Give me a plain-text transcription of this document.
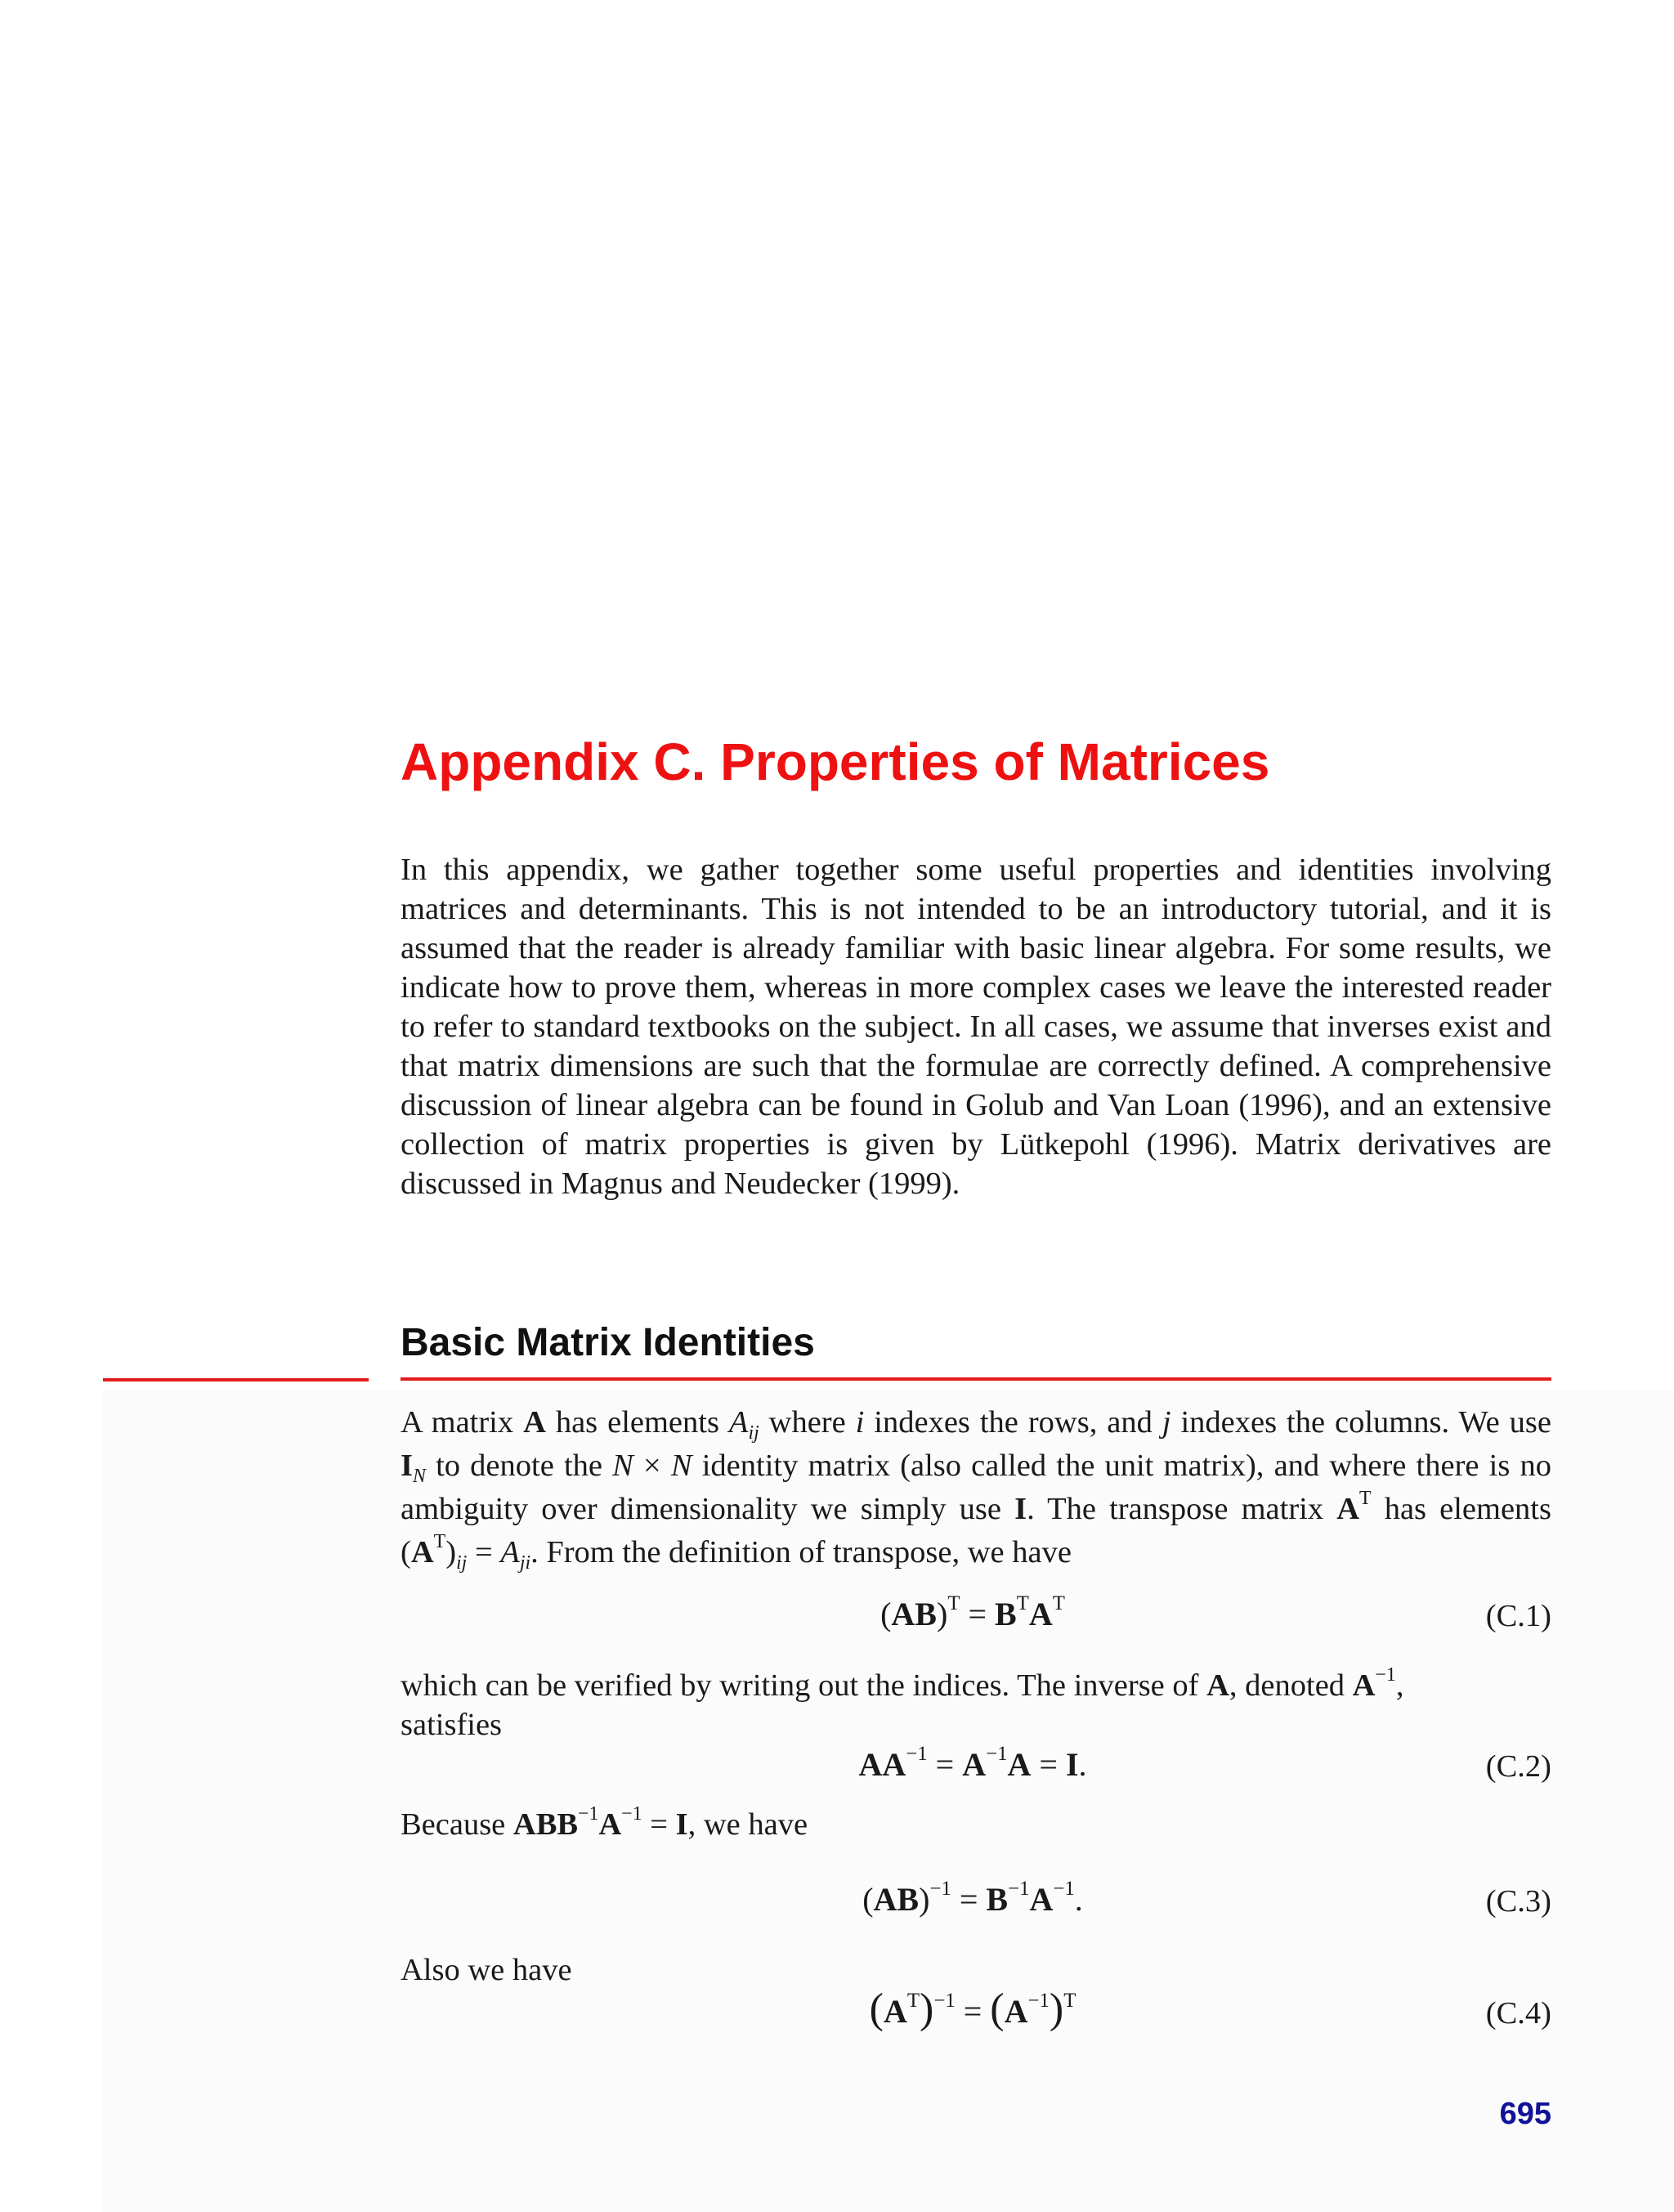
Appendix C. Properties of Matrices

In this appendix, we gather together some useful properties and identities involving matrices and determinants. This is not intended to be an introductory tutorial, and it is assumed that the reader is already familiar with basic linear algebra. For some results, we indicate how to prove them, whereas in more complex cases we leave the interested reader to refer to standard textbooks on the subject. In all cases, we assume that inverses exist and that matrix dimensions are such that the formulae are correctly defined. A comprehensive discussion of linear algebra can be found in Golub and Van Loan (1996), and an extensive collection of matrix properties is given by Lütkepohl (1996). Matrix derivatives are discussed in Magnus and Neudecker (1999).

Basic Matrix Identities

A matrix A has elements $A_{ij}$ where i indexes the rows, and j indexes the columns. We use $I_N$ to denote the N × N identity matrix (also called the unit matrix), and where there is no ambiguity over dimensionality we simply use I. The transpose matrix $A^T$ has elements $(A^T)_{ij} = A_{ji}$. From the definition of transpose, we have

$(AB)^T = B^TA^T$	(C.1)

which can be verified by writing out the indices. The inverse of A, denoted $A^{-1}$,

satisfies

$AA^{-1} = A^{-1}A = I$.	(C.2)

Because $ABB^{-1}A^{-1} = I$, we have

$(AB)^{-1} = B^{-1}A^{-1}$.	(C.3)

Also we have

$(A^T)^{-1} = (A^{-1})^T$	(C.4)
695
